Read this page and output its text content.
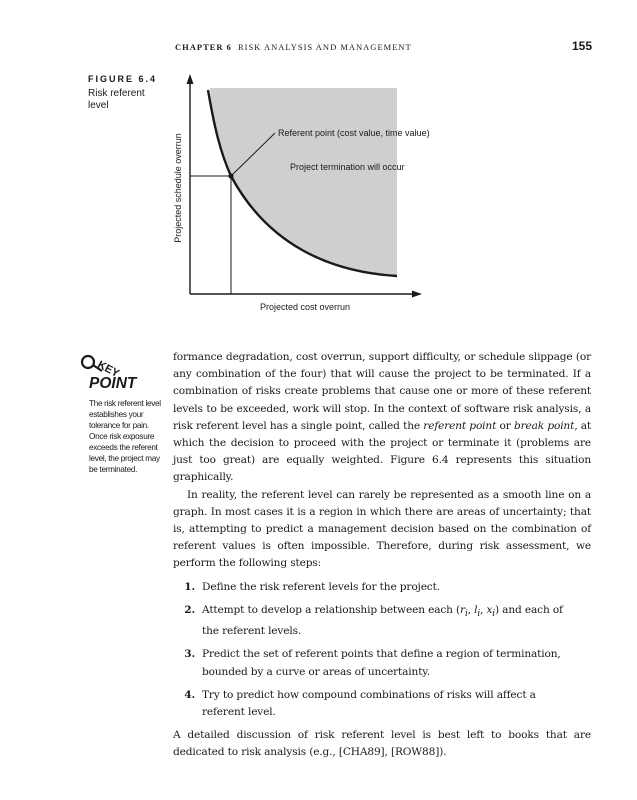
CHAPTER 6 RISK ANALYSIS AND MANAGEMENT	155
FIGURE 6.4
Risk referent level
Referent point (cost value, time value)
Project termination will occur
Projected cost overrun
Projected schedule overrun
KEY
POINT
The risk referent level establishes your tolerance for pain. Once risk exposure exceeds the referent level, the project may be terminated.

formance degradation, cost overrun, support difficulty, or schedule slippage (or any combination of the four) that will cause the project to be terminated. If a combination of risks create problems that cause one or more of these referent levels to be exceeded, work will stop. In the context of software risk analysis, a risk referent level has a single point, called the referent point or break point, at which the decision to proceed with the project or terminate it (problems are just too great) are equally weighted. Figure 6.4 represents this situation graphically.

In reality, the referent level can rarely be represented as a smooth line on a graph. In most cases it is a region in which there are areas of uncertainty; that is, attempting to predict a management decision based on the combination of referent values is often impossible. Therefore, during risk assessment, we perform the following steps:

1. Define the risk referent levels for the project.
2. Attempt to develop a relationship between each ($r_i$, $l_i$, $x_i$) and each of the referent levels.
3. Predict the set of referent points that define a region of termination, bounded by a curve or areas of uncertainty.
4. Try to predict how compound combinations of risks will affect a referent level.

A detailed discussion of risk referent level is best left to books that are dedicated to risk analysis (e.g., [CHA89], [ROW88]).
